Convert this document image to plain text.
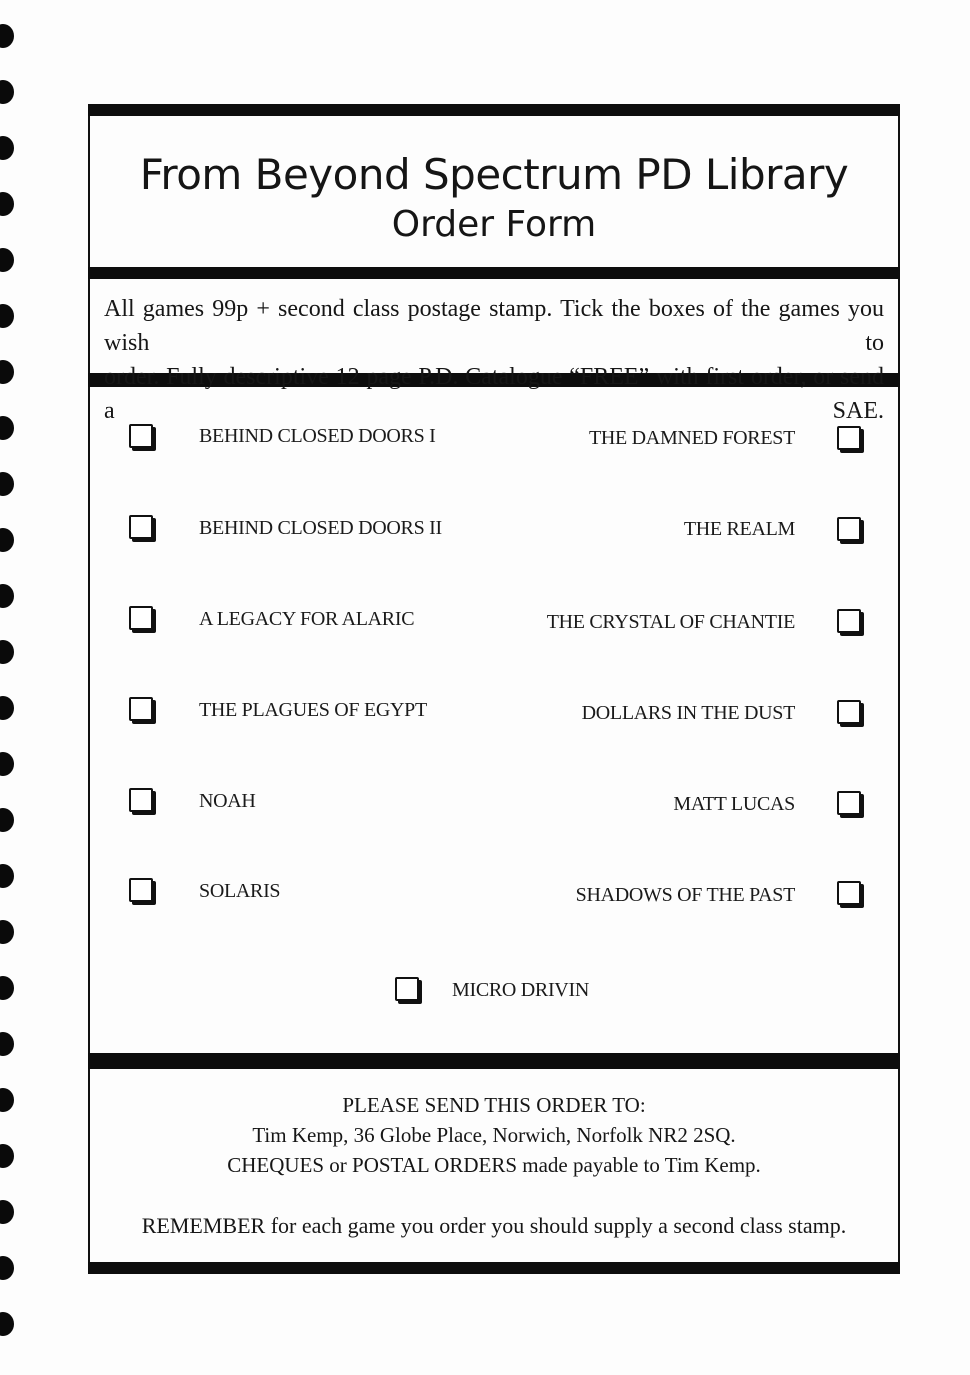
From Beyond Spectrum PD Library
Order Form
All games 99p + second class postage stamp. Tick the boxes of the games you wish to
order. Fully descriptive 12 page P.D. Catalogue “FREE” with first order, or send a SAE.
BEHIND CLOSED DOORS I
BEHIND CLOSED DOORS II
A LEGACY FOR ALARIC
THE PLAGUES OF EGYPT
NOAH
SOLARIS
THE DAMNED FOREST
THE REALM
THE CRYSTAL OF CHANTIE
DOLLARS IN THE DUST
MATT LUCAS
SHADOWS OF THE PAST
MICRO DRIVIN
PLEASE SEND THIS ORDER TO:
Tim Kemp, 36 Globe Place, Norwich, Norfolk NR2 2SQ.
CHEQUES or POSTAL ORDERS made payable to Tim Kemp.
REMEMBER for each game you order you should supply a second class stamp.
